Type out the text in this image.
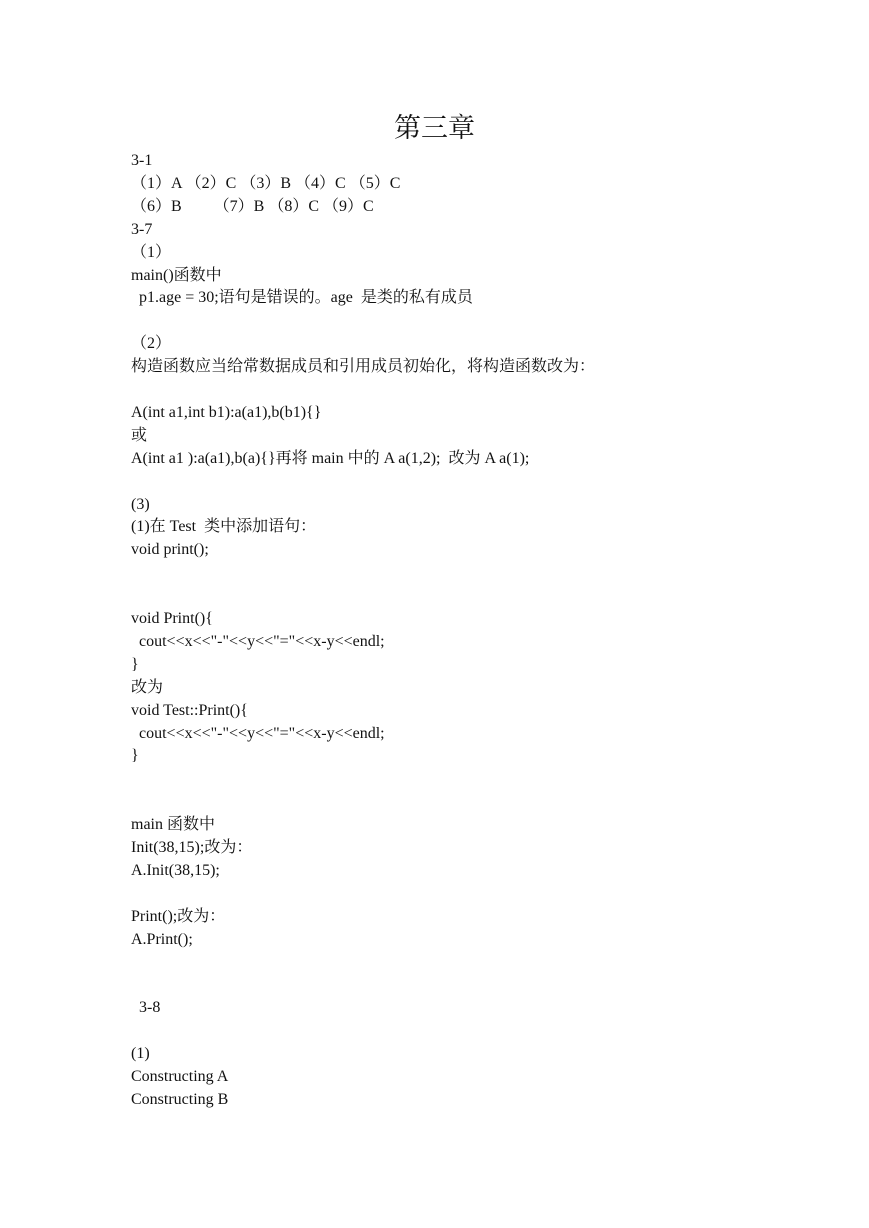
第三章
3-1
（1）A （2）C （3）B （4）C （5）C
（6）B        （7）B （8）C （9）C
3-7
（1）
main()函数中
p1.age = 30;语句是错误的。age  是类的私有成员
（2）
构造函数应当给常数据成员和引用成员初始化，将构造函数改为：
A(int a1,int b1):a(a1),b(b1){}
或
A(int a1 ):a(a1),b(a){}再将 main 中的 A a(1,2);  改为 A a(1);
(3)
(1)在 Test  类中添加语句：
void print();
void Print(){
cout<<x<<"-"<<y<<"="<<x-y<<endl;
}
改为
void Test::Print(){
cout<<x<<"-"<<y<<"="<<x-y<<endl;
}
main 函数中
Init(38,15);改为：
A.Init(38,15);
Print();改为：
A.Print();
3-8
(1)
Constructing A
Constructing B
